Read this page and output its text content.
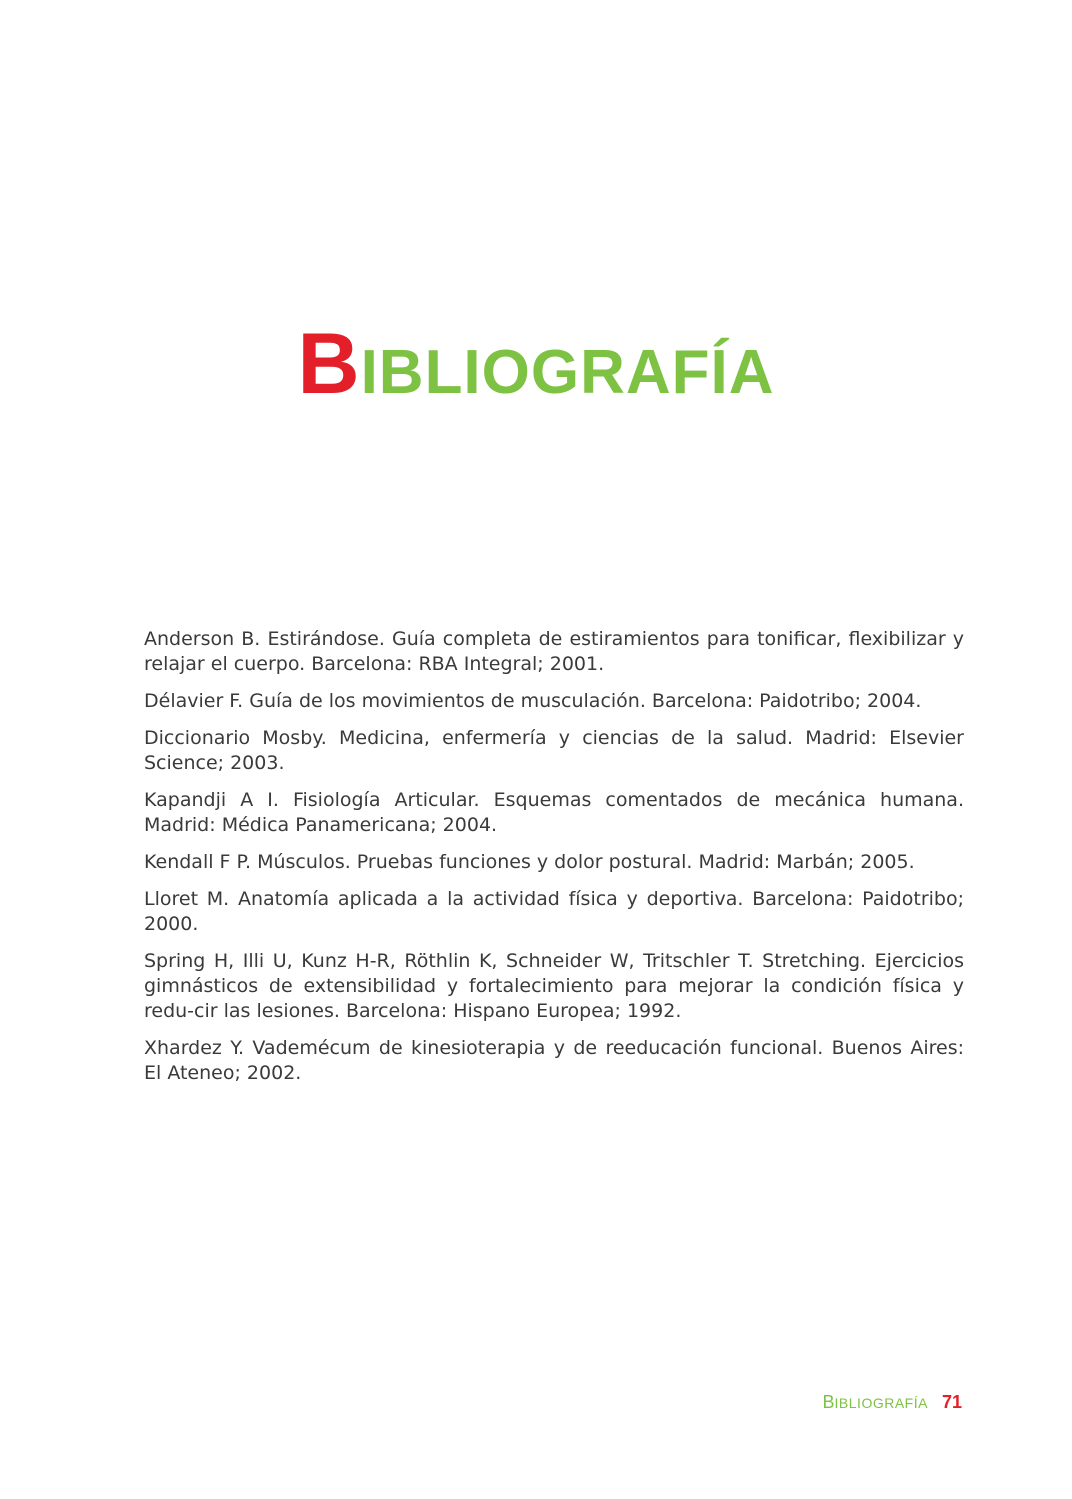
BIBLIOGRAFÍA

Anderson B. Estirándose. Guía completa de estiramientos para tonificar, flexibilizar y relajar el cuerpo. Barcelona: RBA Integral; 2001.

Délavier F. Guía de los movimientos de musculación. Barcelona: Paidotribo; 2004.

Diccionario Mosby. Medicina, enfermería y ciencias de la salud. Madrid: Elsevier Science; 2003.

Kapandji A I. Fisiología Articular. Esquemas comentados de mecánica humana. Madrid: Médica Panamericana; 2004.

Kendall F P. Músculos. Pruebas funciones y dolor postural. Madrid: Marbán; 2005.

Lloret M. Anatomía aplicada a la actividad física y deportiva. Barcelona: Paidotribo; 2000.

Spring H, Illi U, Kunz H-R, Röthlin K, Schneider W, Tritschler T. Stretching. Ejercicios gimnásticos de extensibilidad y fortalecimiento para mejorar la condición física y redu-cir las lesiones. Barcelona: Hispano Europea; 1992.

Xhardez Y. Vademécum de kinesioterapia y de reeducación funcional. Buenos Aires: El Ateneo; 2002.

BIBLIOGRAFÍA 71
